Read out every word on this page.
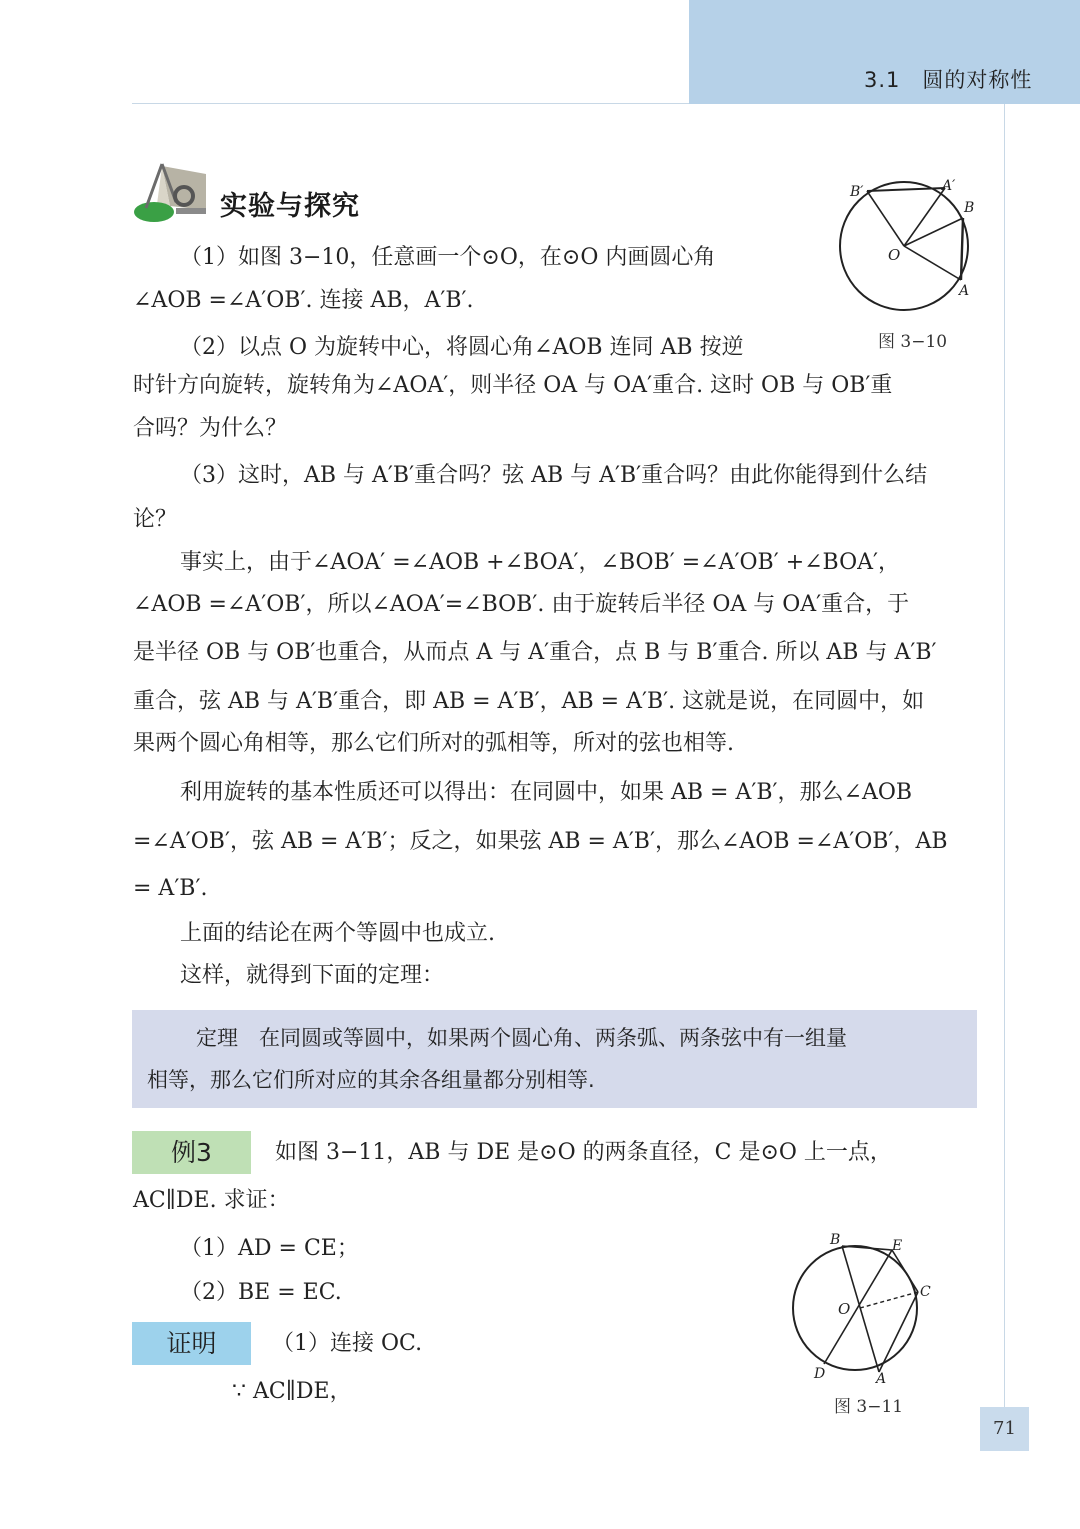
3.1　圆的对称性
实验与探究
（1）如图 3−10，任意画一个⊙O，在⊙O 内画圆心角
∠AOB =∠A′OB′. 连接 AB，A′B′.
（2）以点 O 为旋转中心，将圆心角∠AOB 连同 AB 按逆
时针方向旋转，旋转角为∠AOA′，则半径 OA 与 OA′重合. 这时 OB 与 OB′重
合吗？为什么？
（3）这时，AB 与 A′B′重合吗？弦 AB 与 A′B′重合吗？由此你能得到什么结
论？
事实上，由于∠AOA′ =∠AOB +∠BOA′，∠BOB′ =∠A′OB′ +∠BOA′，
∠AOB =∠A′OB′，所以∠AOA′=∠BOB′. 由于旋转后半径 OA 与 OA′重合，于
是半径 OB 与 OB′也重合，从而点 A 与 A′重合，点 B 与 B′重合. 所以 AB 与 A′B′
重合，弦 AB 与 A′B′重合，即 AB = A′B′，AB = A′B′. 这就是说，在同圆中，如
果两个圆心角相等，那么它们所对的弧相等，所对的弦也相等.
利用旋转的基本性质还可以得出：在同圆中，如果 AB = A′B′，那么∠AOB
=∠A′OB′，弦 AB = A′B′；反之，如果弦 AB = A′B′，那么∠AOB =∠A′OB′，AB
= A′B′.
上面的结论在两个等圆中也成立.
这样，就得到下面的定理：
O
B′	A′
B
A
图 3−10
定理　在同圆或等圆中，如果两个圆心角、两条弧、两条弦中有一组量
相等，那么它们所对应的其余各组量都分别相等.
例3	如图 3−11，AB 与 DE 是⊙O 的两条直径，C 是⊙O 上一点，
AC∥DE. 求证：
（1）AD = CE；
（2）BE = EC.
证明	（1）连接 OC.
∵ AC∥DE，
O
B	E
C
D	A
图 3−11
71
